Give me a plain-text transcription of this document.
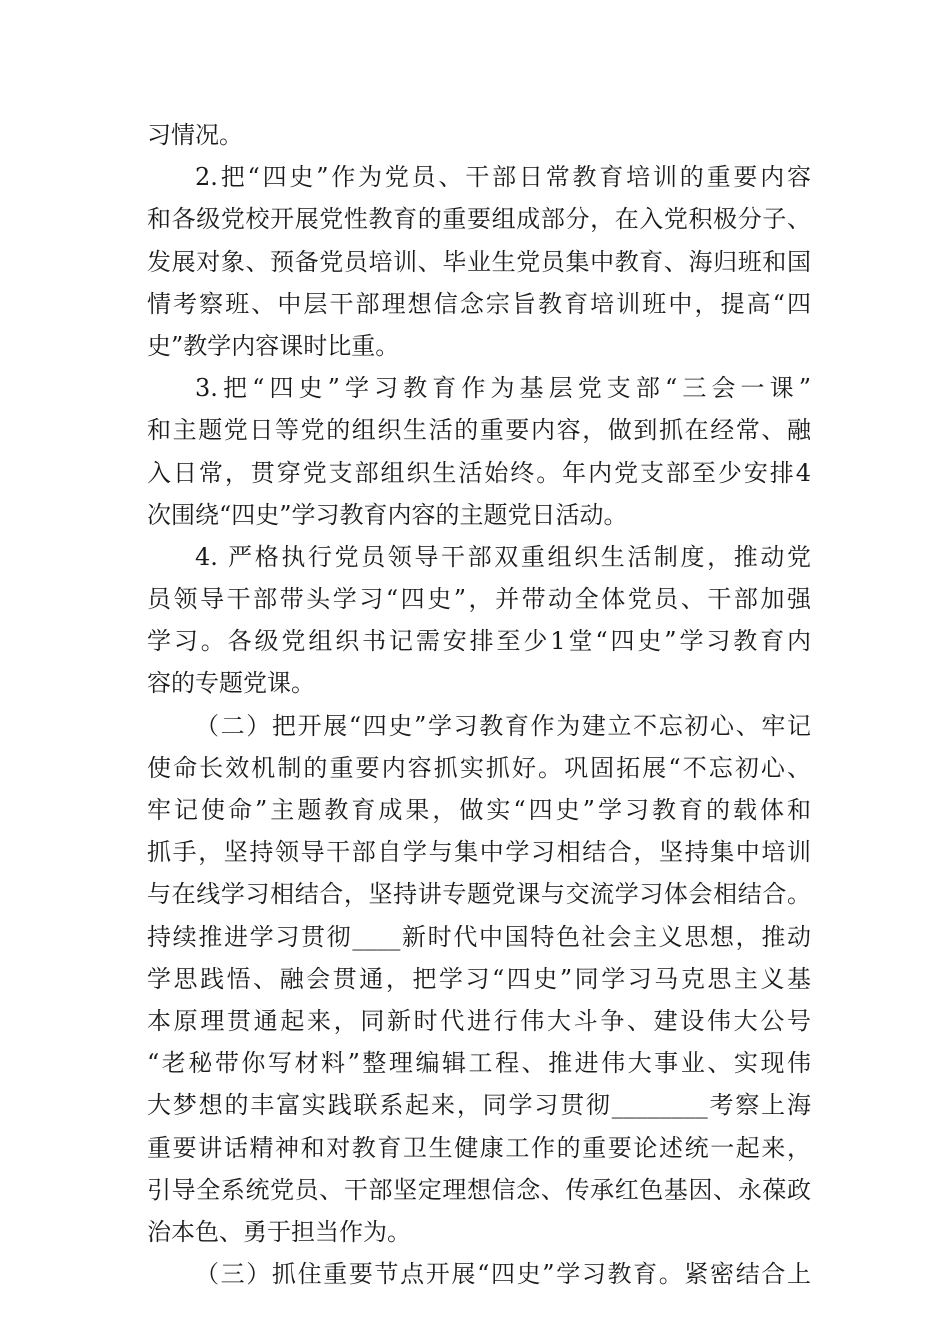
习情况。
2.把“四史”作为党员、干部日常教育培训的重要内容
和各级党校开展党性教育的重要组成部分，在入党积极分子、
发展对象、预备党员培训、毕业生党员集中教育、海归班和国
情考察班、中层干部理想信念宗旨教育培训班中，提高“四
史”教学内容课时比重。
3.把“四史”学习教育作为基层党支部“三会一课”
和主题党日等党的组织生活的重要内容，做到抓在经常、融
入日常，贯穿党支部组织生活始终。年内党支部至少安排4
次围绕“四史”学习教育内容的主题党日活动。
4. 严格执行党员领导干部双重组织生活制度，推动党
员领导干部带头学习“四史”，并带动全体党员、干部加强
学习。各级党组织书记需安排至少1堂“四史”学习教育内
容的专题党课。
（二）把开展“四史”学习教育作为建立不忘初心、牢记
使命长效机制的重要内容抓实抓好。巩固拓展“不忘初心、
牢记使命”主题教育成果，做实“四史”学习教育的载体和
抓手，坚持领导干部自学与集中学习相结合，坚持集中培训
与在线学习相结合，坚持讲专题党课与交流学习体会相结合。
持续推进学习贯彻____新时代中国特色社会主义思想，推动
学思践悟、融会贯通，把学习“四史”同学习马克思主义基
本原理贯通起来，同新时代进行伟大斗争、建设伟大公号
“老秘带你写材料”整理编辑工程、推进伟大事业、实现伟
大梦想的丰富实践联系起来，同学习贯彻________考察上海
重要讲话精神和对教育卫生健康工作的重要论述统一起来，
引导全系统党员、干部坚定理想信念、传承红色基因、永葆政
治本色、勇于担当作为。
（三）抓住重要节点开展“四史”学习教育。紧密结合上
